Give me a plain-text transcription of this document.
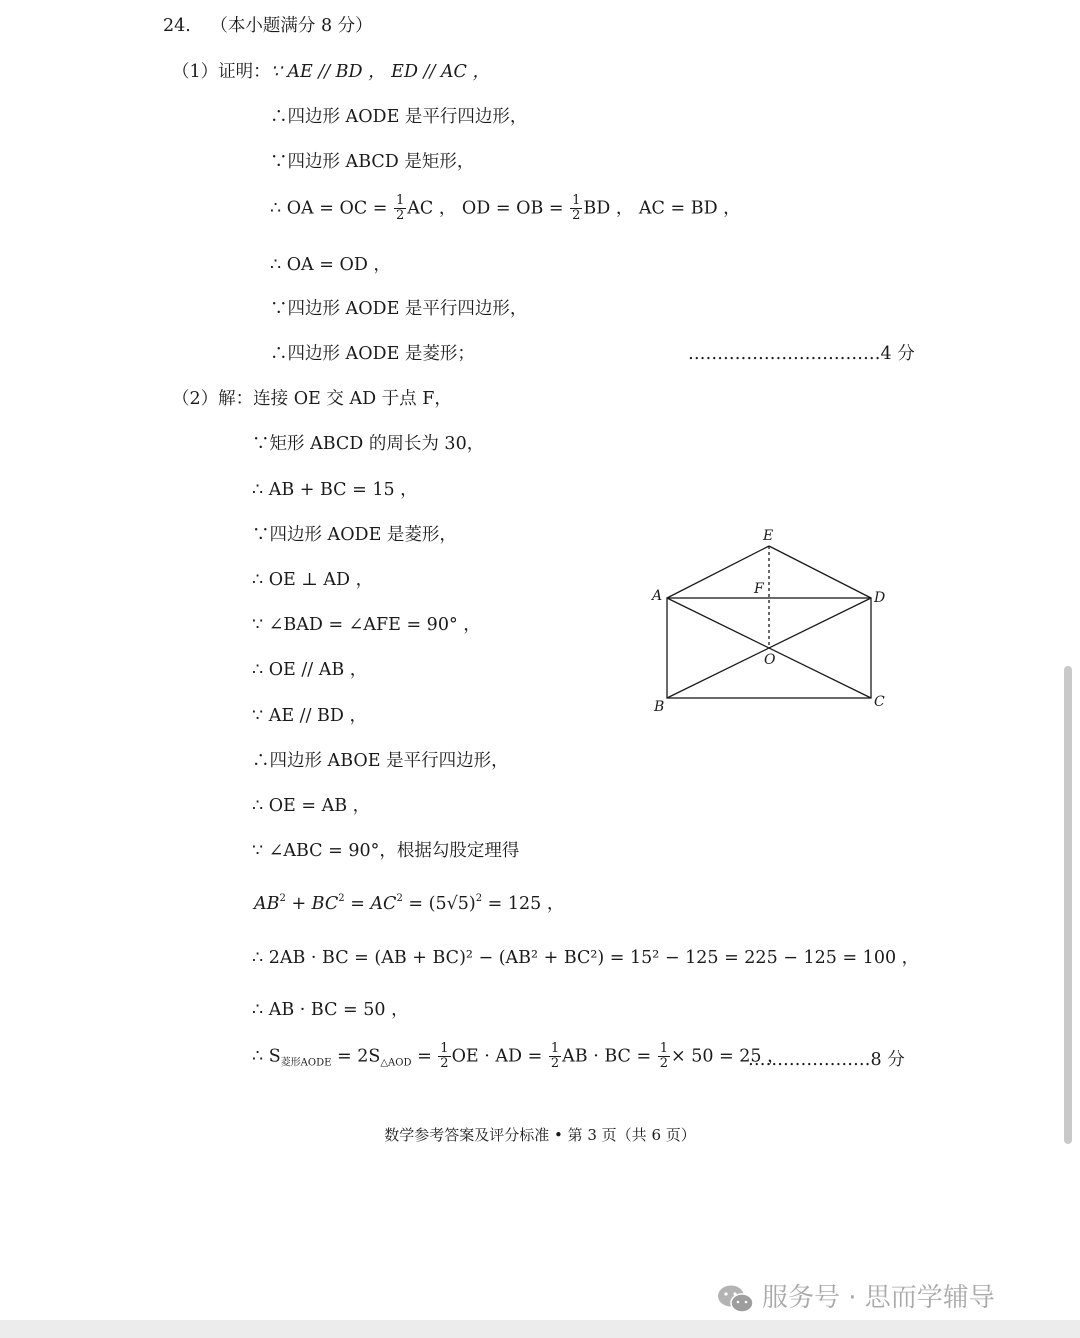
24. （本小题满分 8 分）
（1）证明：∵ AE // BD ， ED // AC ，
∴四边形 AODE 是平行四边形，
∵四边形 ABCD 是矩形，
∴ OA = OC = $\frac{1}{2}$ AC ， OD = OB = $\frac{1}{2}$ BD ， AC = BD ，
∴ OA = OD ，
∵四边形 AODE 是平行四边形，
∴四边形 AODE 是菱形；	……………………………4 分
（2）解：连接 OE 交 AD 于点 F，
∵矩形 ABCD 的周长为 30，
∴ AB + BC = 15 ，
∵四边形 AODE 是菱形，
∴ OE ⊥ AD ，
∵ ∠BAD = ∠AFE = 90° ，
∴ OE // AB ，
∵ AE // BD ，
∴四边形 ABOE 是平行四边形，
∴ OE = AB ，
∵ ∠ABC = 90°，根据勾股定理得
$AB^2 + BC^2 = AC^2 = (5√5)^2 = 125$ ，
∴ 2AB · BC = (AB + BC)² − (AB² + BC²) = 15² − 125 = 225 − 125 = 100 ，
∴ AB · BC = 50 ，
∴ $S_{菱形AODE} = 2S_{\triangle AOD} = \frac{1}{2}$ OE · AD = $\frac{1}{2}$ AB · BC = $\frac{1}{2} \times 50 = 25$ ，
…………………8 分
E
A	F
D
O
B	C
数学参考答案及评分标准 • 第 3 页（共 6 页）
服务号 · 思而学辅导
